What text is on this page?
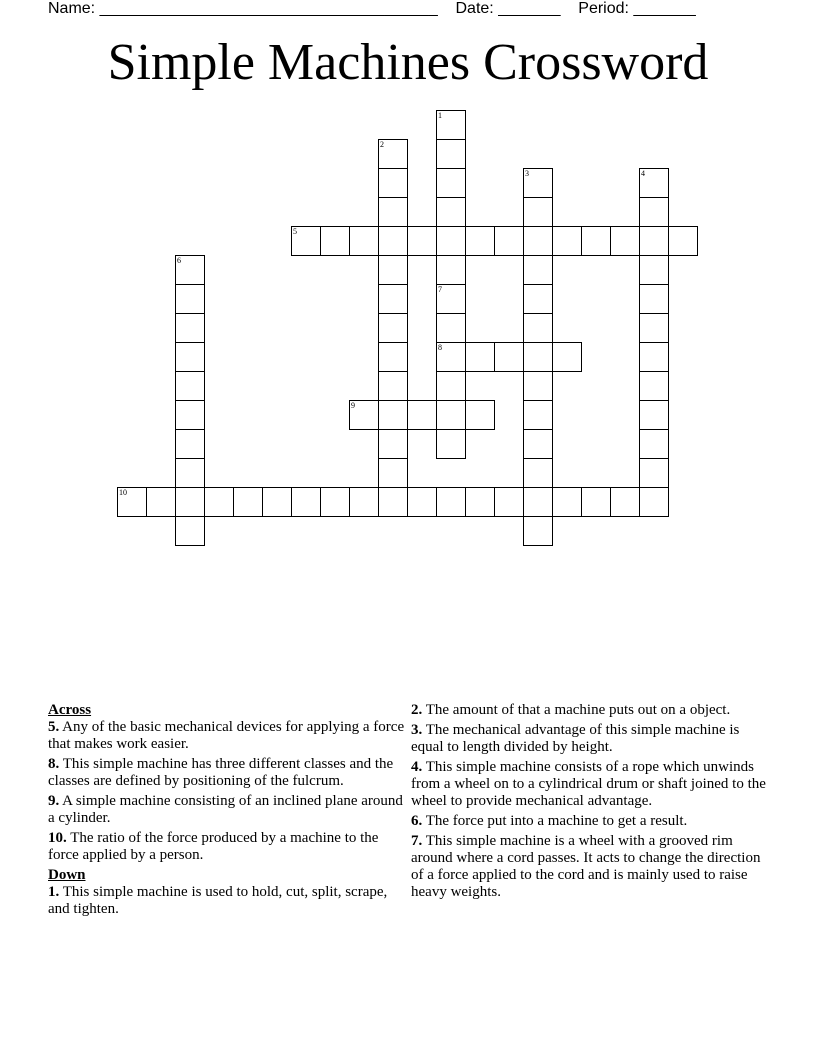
Name: ______________________________________ Date: _______ Period: _______
Simple Machines Crossword
1
7
8
2
3	4
5
6
9
10

Across

5. Any of the basic mechanical devices for applying a force that makes work easier.

8. This simple machine has three different classes and the classes are defined by positioning of the fulcrum.

9. A simple machine consisting of an inclined plane around a cylinder.

10. The ratio of the force produced by a machine to the force applied by a person.

Down

1. This simple machine is used to hold, cut, split, scrape, and tighten.

2. The amount of that a machine puts out on a object.

3. The mechanical advantage of this simple machine is equal to length divided by height.

4. This simple machine consists of a rope which unwinds from a wheel on to a cylindrical drum or shaft joined to the wheel to provide mechanical advantage.

6. The force put into a machine to get a result.

7. This simple machine is a wheel with a grooved rim around where a cord passes. It acts to change the direction of a force applied to the cord and is mainly used to raise heavy weights.
